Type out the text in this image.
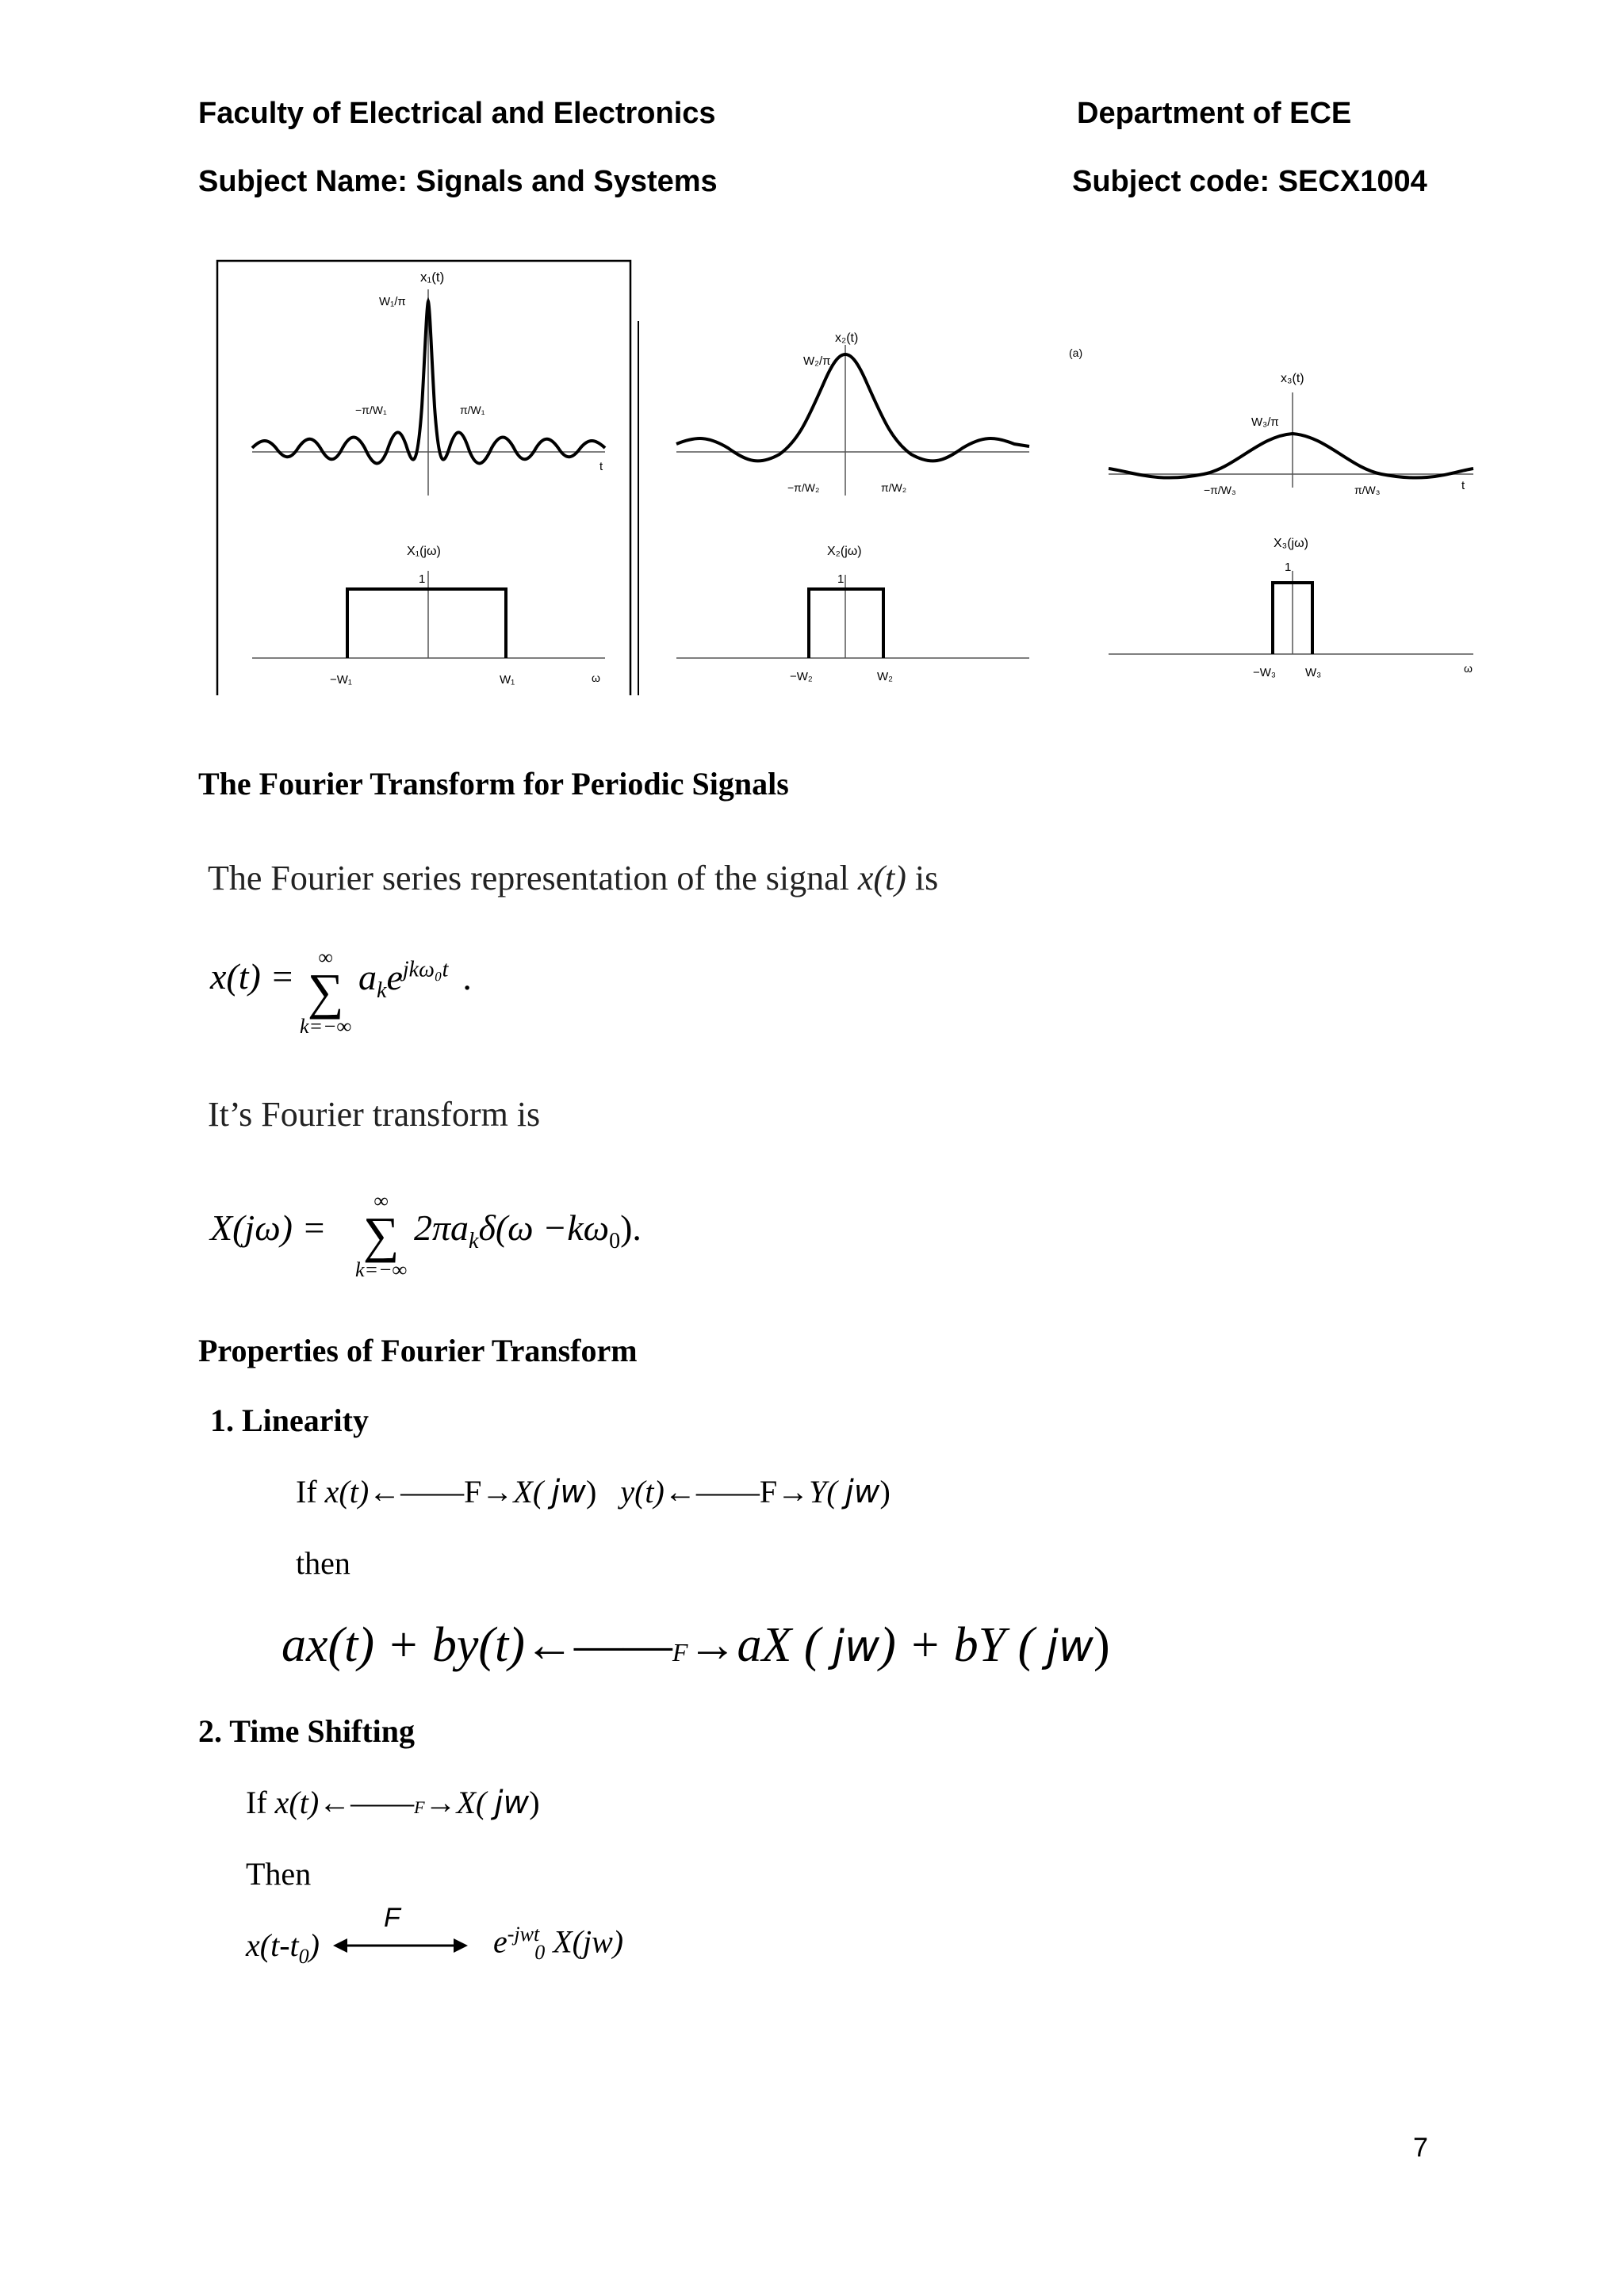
Faculty of Electrical and Electronics	Department of ECE
Subject Name: Signals and Systems	Subject code: SECX1004
x₁(t)
W₁/π
−π/W₁	π/W₁
t
X₁(jω)
1
−W₁	W₁	ω
x₂(t)
W₂/π
−π/W₂	π/W₂
X₂(jω)
1
−W₂	W₂
(a)
x₃(t)
W₃/π
−π/W₃	π/W₃	t
X₃(jω)
1
−W₃ W₃	ω
The Fourier Transform for Periodic Signals
The Fourier series representation of the signal x(t) is
x(t) = ∞
∑
k=−∞
$a_ke^{jk\omega_0t}$ .
It’s Fourier transform is
X(jω) =
∞
∑
k=−∞
$2\pi a_k\delta(\omega -k\omega_0)$.
Properties of Fourier Transform
1. Linearity
If x(t)←——F→X( jw) y(t)←——F→Y( jw)
then
ax(t) + by(t)←——F→aX ( jw) + bY ( jw)
2. Time Shifting
If x(t)←——F→X( jw)
Then
$x(t-t_0)$
F
$e^{-jwt}_0$ X(jw)
7
